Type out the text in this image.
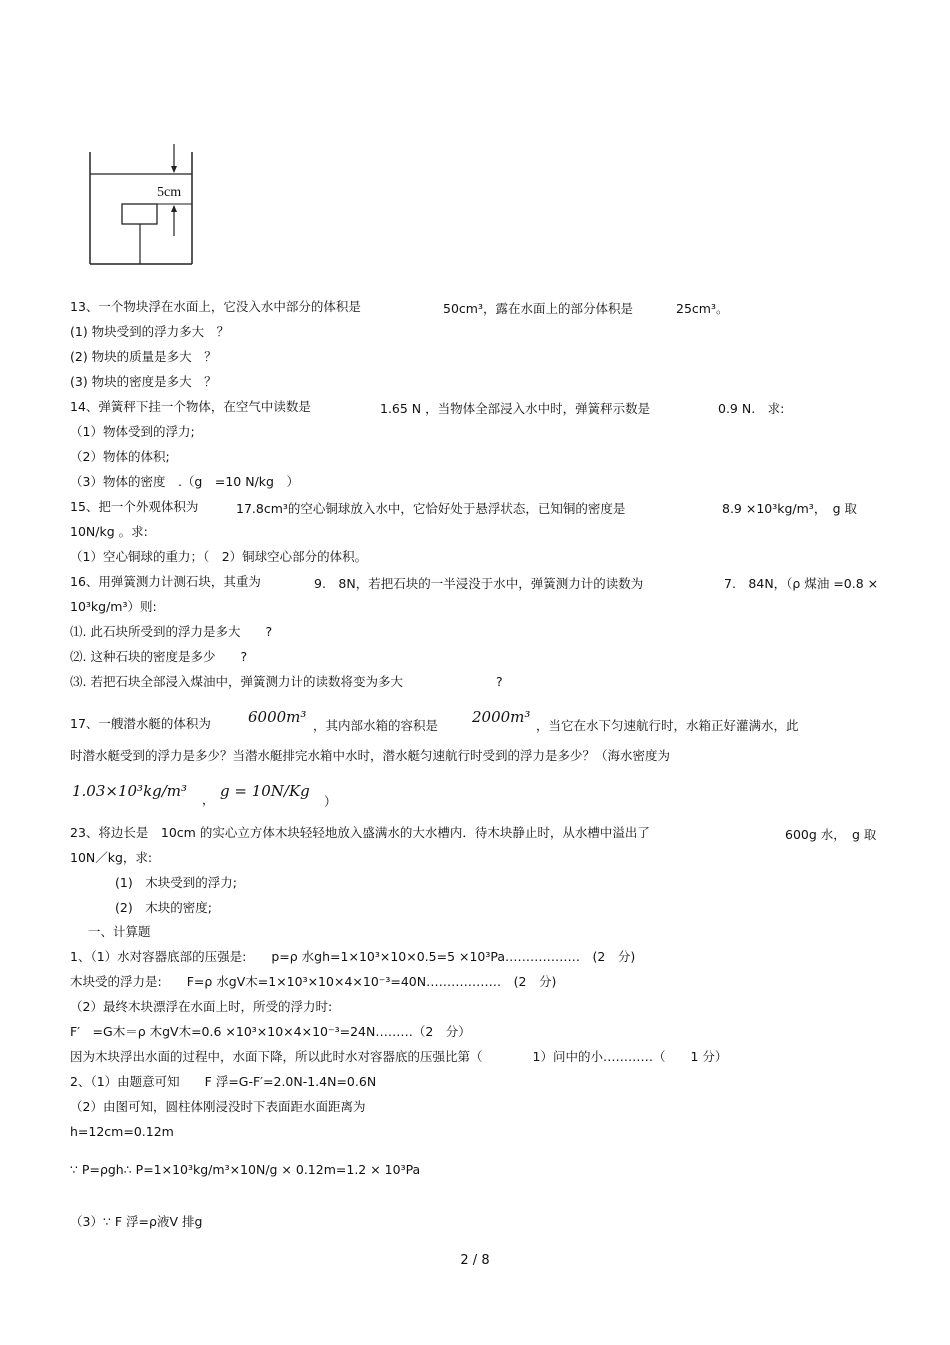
5cm
13、一个物块浮在水面上，它没入水中部分的体积是	50cm³，露在水面上的部分体积是	25cm³。
(1) 物块受到的浮力多大　？
(2) 物块的质量是多大　？
(3) 物块的密度是多大　？
14、弹簧秤下挂一个物体，在空气中读数是	1.65 N ，当物体全部浸入水中时，弹簧秤示数是	0.9 N.　求:
（1）物体受到的浮力;
（2）物体的体积;
（3）物体的密度　.（g　=10 N/kg　）
15、把一个外观体积为	17.8cm³的空心铜球放入水中，它恰好处于悬浮状态，已知铜的密度是	8.9 ×10³kg/m³，　g 取
10N/kg 。求:
（1）空心铜球的重力；（　2）铜球空心部分的体积。
16、用弹簧测力计测石块，其重为	9.　8N，若把石块的一半浸没于水中，弹簧测力计的读数为	7.　84N，（ρ 煤油 =0.8 ×
10³kg/m³）则:
⑴. 此石块所受到的浮力是多大　　?
⑵. 这种石块的密度是多少　　?
⑶. 若把石块全部浸入煤油中，弹簧测力计的读数将变为多大	?
17、一艘潜水艇的体积为 6000m³ ，其内部水箱的容积是 2000m³ ，当它在水下匀速航行时，水箱正好灌满水，此
时潜水艇受到的浮力是多少？当潜水艇排完水箱中水时，潜水艇匀速航行时受到的浮力是多少？（海水密度为
1.03×10³kg/m³ ， g = 10N/Kg
）
23、将边长是　10cm 的实心立方体木块轻轻地放入盛满水的大水槽内．待木块静止时，从水槽中溢出了	600g 水，　g 取
10N／kg，求:
(1)　木块受到的浮力;
(2)　木块的密度;
一、计算题
1、（1）水对容器底部的压强是:　　p=ρ 水gh=1×10³×10×0.5=5 ×10³Pa………………　(2　分)
木块受的浮力是:　　F=ρ 水gV木=1×10³×10×4×10⁻³=40N………………　(2　分)
（2）最终木块漂浮在水面上时，所受的浮力时:
F′　=G木＝ρ 木gV木=0.6 ×10³×10×4×10⁻³=24N………（2　分）
因为木块浮出水面的过程中，水面下降，所以此时水对容器底的压强比第（　　　　1）问中的小…………（　　1 分）
2、（1）由题意可知　　F 浮=G-F′=2.0N-1.4N=0.6N
（2）由图可知，圆柱体刚浸没时下表面距水面距离为
h=12cm=0.12m
∵ P=ρgh∴ P=1×10³kg/m³×10N/g × 0.12m=1.2 × 10³Pa
（3）∵ F 浮=ρ液V 排g
2 / 8
